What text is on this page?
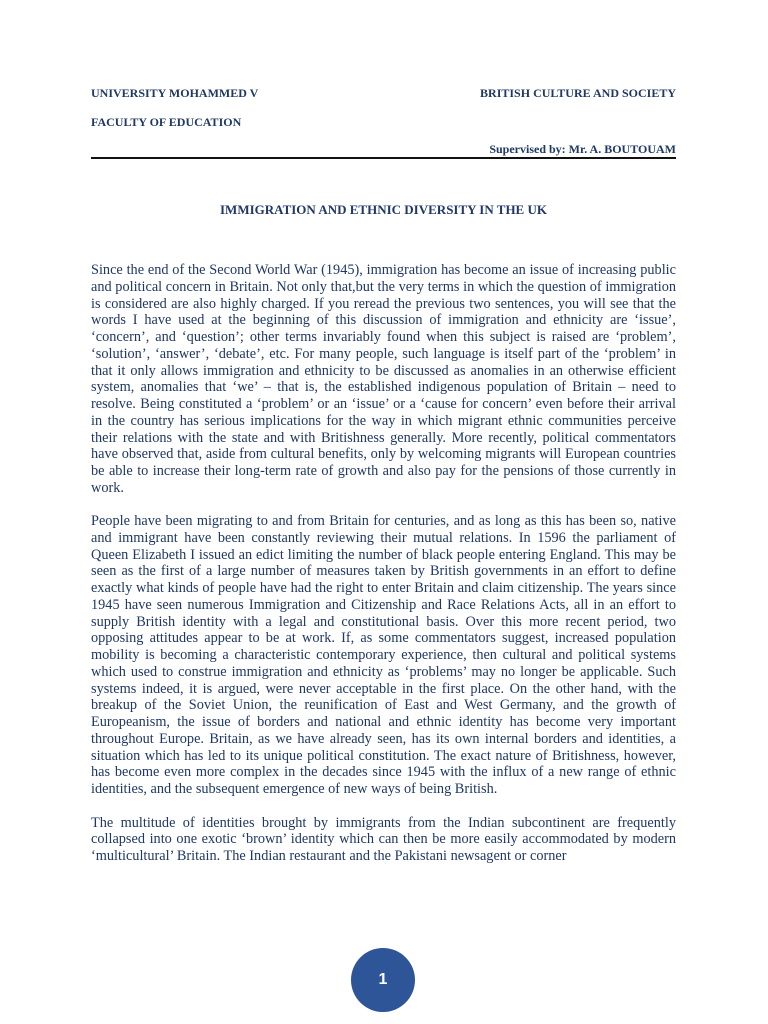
UNIVERSITY MOHAMMED V	BRITISH CULTURE AND SOCIETY
FACULTY OF EDUCATION
Supervised by: Mr. A. BOUTOUAM
IMMIGRATION AND ETHNIC DIVERSITY IN THE UK

Since the end of the Second World War (1945), immigration has become an issue of increasing public and political concern in Britain. Not only that,but the very terms in which the question of immigration is considered are also highly charged. If you reread the previous two sentences, you will see that the words I have used at the beginning of this discussion of immigration and ethnicity are ‘issue’, ‘concern’, and ‘question’; other terms invariably found when this subject is raised are ‘problem’, ‘solution’, ‘answer’, ‘debate’, etc. For many people, such language is itself part of the ‘problem’ in that it only allows immigration and ethnicity to be discussed as anomalies in an otherwise efficient system, anomalies that ‘we’ – that is, the established indigenous population of Britain – need to resolve. Being constituted a ‘problem’ or an ‘issue’ or a ‘cause for concern’ even before their arrival in the country has serious implications for the way in which migrant ethnic communities perceive their relations with the state and with Britishness generally. More recently, political commentators have observed that, aside from cultural benefits, only by welcoming migrants will European countries be able to increase their long-term rate of growth and also pay for the pensions of those currently in work.

People have been migrating to and from Britain for centuries, and as long as this has been so, native and immigrant have been constantly reviewing their mutual relations. In 1596 the parliament of Queen Elizabeth I issued an edict limiting the number of black people entering England. This may be seen as the first of a large number of measures taken by British governments in an effort to define exactly what kinds of people have had the right to enter Britain and claim citizenship. The years since 1945 have seen numerous Immigration and Citizenship and Race Relations Acts, all in an effort to supply British identity with a legal and constitutional basis. Over this more recent period, two opposing attitudes appear to be at work. If, as some commentators suggest, increased population mobility is becoming a characteristic contemporary experience, then cultural and political systems which used to construe immigration and ethnicity as ‘problems’ may no longer be applicable. Such systems indeed, it is argued, were never acceptable in the first place. On the other hand, with the breakup of the Soviet Union, the reunification of East and West Germany, and the growth of Europeanism, the issue of borders and national and ethnic identity has become very important throughout Europe. Britain, as we have already seen, has its own internal borders and identities, a situation which has led to its unique political constitution. The exact nature of Britishness, however, has become even more complex in the decades since 1945 with the influx of a new range of ethnic identities, and the subsequent emergence of new ways of being British.

The multitude of identities brought by immigrants from the Indian subcontinent are frequently collapsed into one exotic ‘brown’ identity which can then be more easily accommodated by modern ‘multicultural’ Britain. The Indian restaurant and the Pakistani newsagent or corner

1
